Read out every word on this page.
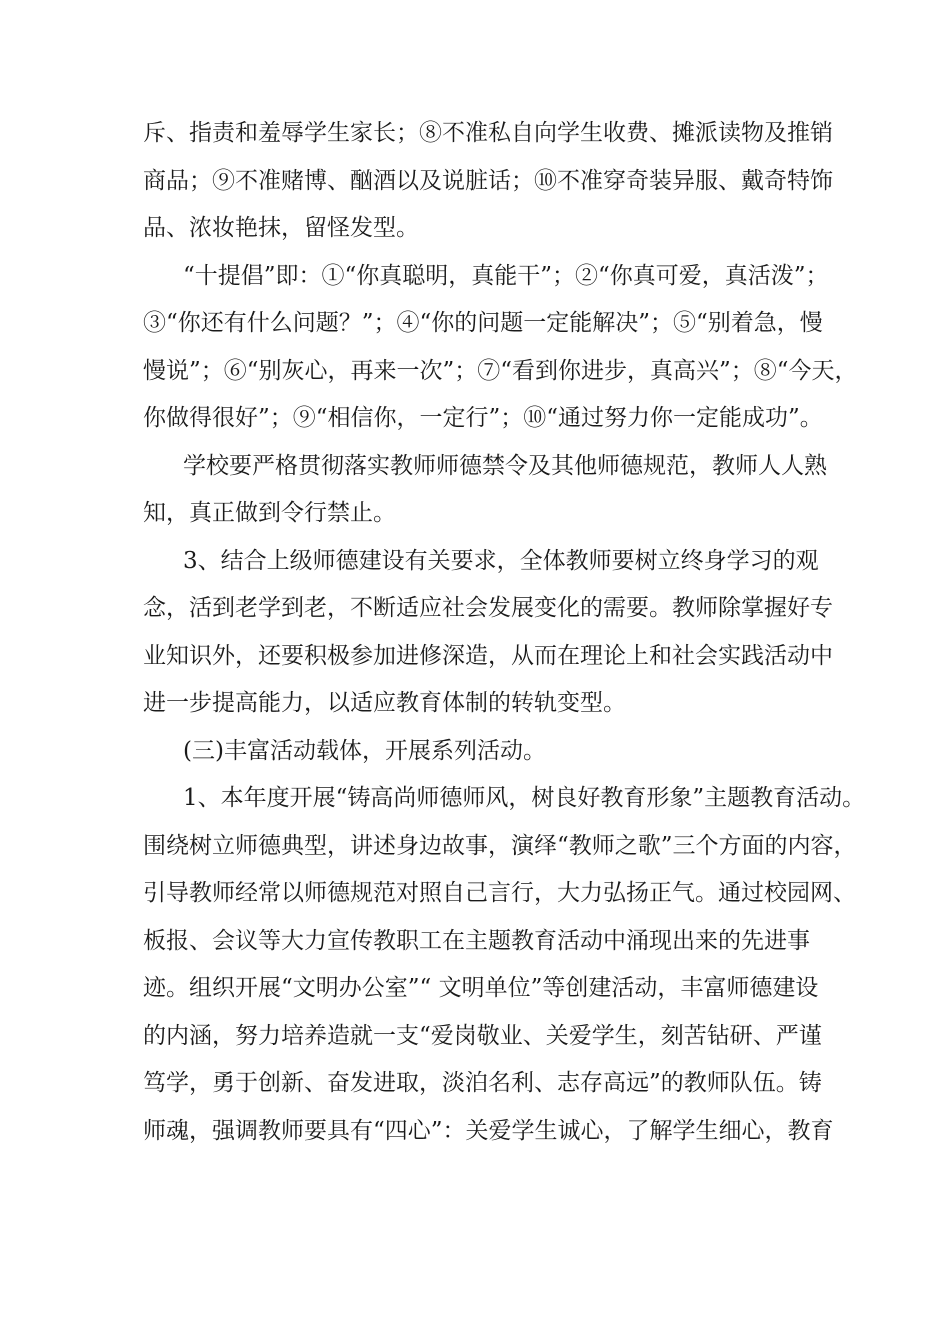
斥、指责和羞辱学生家长；⑧不准私自向学生收费、摊派读物及推销
商品；⑨不准赌博、酗酒以及说脏话；⑩不准穿奇装异服、戴奇特饰
品、浓妆艳抹，留怪发型。
“十提倡”即：①“你真聪明，真能干”；②“你真可爱，真活泼”；
③“你还有什么问题？”；④“你的问题一定能解决”；⑤“别着急，慢
慢说”；⑥“别灰心，再来一次”；⑦“看到你进步，真高兴”；⑧“今天，
你做得很好”；⑨“相信你，一定行”；⑩“通过努力你一定能成功”。
学校要严格贯彻落实教师师德禁令及其他师德规范，教师人人熟
知，真正做到令行禁止。
3、结合上级师德建设有关要求，全体教师要树立终身学习的观
念，活到老学到老，不断适应社会发展变化的需要。教师除掌握好专
业知识外，还要积极参加进修深造，从而在理论上和社会实践活动中
进一步提高能力，以适应教育体制的转轨变型。
(三)丰富活动载体，开展系列活动。
1、本年度开展“铸高尚师德师风，树良好教育形象”主题教育活动。
围绕树立师德典型，讲述身边故事，演绎“教师之歌”三个方面的内容，
引导教师经常以师德规范对照自己言行，大力弘扬正气。通过校园网、
板报、会议等大力宣传教职工在主题教育活动中涌现出来的先进事
迹。组织开展“文明办公室”“ 文明单位”等创建活动，丰富师德建设
的内涵，努力培养造就一支“爱岗敬业、关爱学生，刻苦钻研、严谨
笃学，勇于创新、奋发进取，淡泊名利、志存高远”的教师队伍。铸
师魂，强调教师要具有“四心”：关爱学生诚心，了解学生细心，教育
